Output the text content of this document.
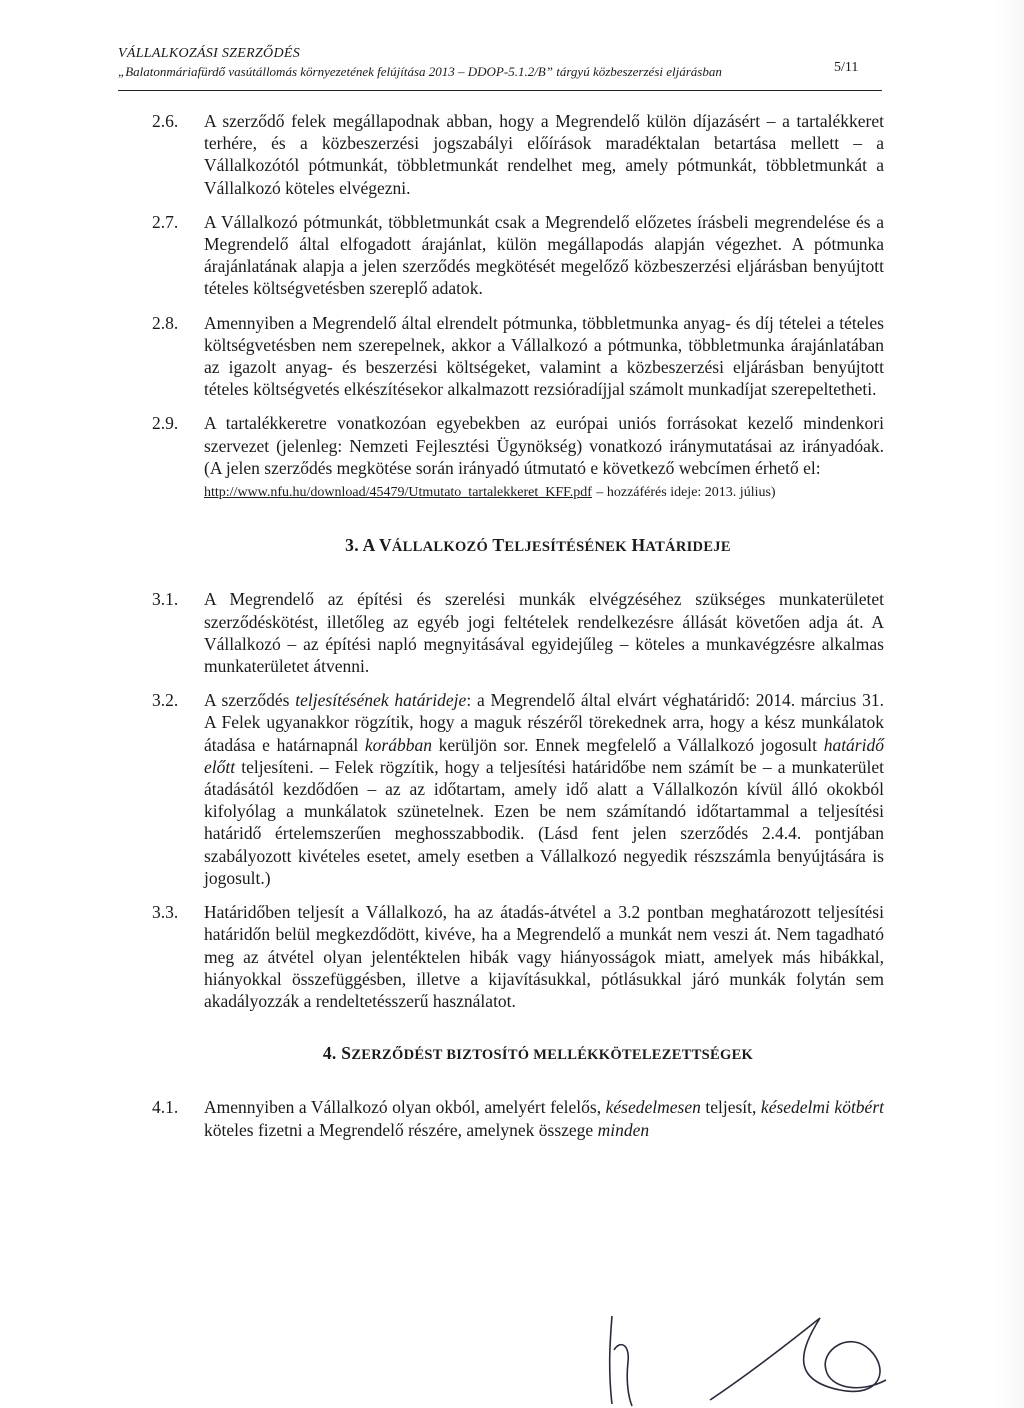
VÁLLALKOZÁSI SZERZŐDÉS
„Balatonmáriafürdő vasútállomás környezetének felújítása 2013 – DDOP-5.1.2/B” tárgyú közbeszerzési eljárásban	5/11
2.6. A szerződő felek megállapodnak abban, hogy a Megrendelő külön díjazásért – a tartalékkeret terhére, és a közbeszerzési jogszabályi előírások maradéktalan betartása mellett – a Vállalkozótól pótmunkát, többletmunkát rendelhet meg, amely pótmunkát, többletmunkát a Vállalkozó köteles elvégezni.
2.7. A Vállalkozó pótmunkát, többletmunkát csak a Megrendelő előzetes írásbeli megrendelése és a Megrendelő által elfogadott árajánlat, külön megállapodás alapján végezhet. A pótmunka árajánlatának alapja a jelen szerződés megkötését megelőző közbeszerzési eljárásban benyújtott tételes költségvetésben szereplő adatok.
2.8. Amennyiben a Megrendelő által elrendelt pótmunka, többletmunka anyag- és díj tételei a tételes költségvetésben nem szerepelnek, akkor a Vállalkozó a pótmunka, többletmunka árajánlatában az igazolt anyag- és beszerzési költségeket, valamint a közbeszerzési eljárásban benyújtott tételes költségvetés elkészítésekor alkalmazott rezsióradíjjal számolt munkadíjat szerepeltetheti.
2.9. A tartalékkeretre vonatkozóan egyebekben az európai uniós forrásokat kezelő mindenkori szervezet (jelenleg: Nemzeti Fejlesztési Ügynökség) vonatkozó iránymutatásai az irányadóak. (A jelen szerződés megkötése során irányadó útmutató e következő webcímen érhető el:
http://www.nfu.hu/download/45479/Utmutato_tartalekkeret_KFF.pdf – hozzáférés ideje: 2013. július)
3. A VÁLLALKOZÓ TELJESÍTÉSÉNEK HATÁRIDEJE
3.1. A Megrendelő az építési és szerelési munkák elvégzéséhez szükséges munkaterületet szerződéskötést, illetőleg az egyéb jogi feltételek rendelkezésre állását követően adja át. A Vállalkozó – az építési napló megnyitásával egyidejűleg – köteles a munkavégzésre alkalmas munkaterületet átvenni.
3.2. A szerződés teljesítésének határideje: a Megrendelő által elvárt véghatáridő: 2014. március 31. A Felek ugyanakkor rögzítik, hogy a maguk részéről törekednek arra, hogy a kész munkálatok átadása e határnapnál korábban kerüljön sor. Ennek megfelelő a Vállalkozó jogosult határidő előtt teljesíteni. – Felek rögzítik, hogy a teljesítési határidőbe nem számít be – a munkaterület átadásától kezdődően – az az időtartam, amely idő alatt a Vállalkozón kívül álló okokból kifolyólag a munkálatok szünetelnek. Ezen be nem számítandó időtartammal a teljesítési határidő értelemszerűen meghosszabbodik. (Lásd fent jelen szerződés 2.4.4. pontjában szabályozott kivételes esetet, amely esetben a Vállalkozó negyedik részszámla benyújtására is jogosult.)
3.3. Határidőben teljesít a Vállalkozó, ha az átadás-átvétel a 3.2 pontban meghatározott teljesítési határidőn belül megkezdődött, kivéve, ha a Megrendelő a munkát nem veszi át. Nem tagadható meg az átvétel olyan jelentéktelen hibák vagy hiányosságok miatt, amelyek más hibákkal, hiányokkal összefüggésben, illetve a kijavításukkal, pótlásukkal járó munkák folytán sem akadályozzák a rendeltetésszerű használatot.
4. SZERZŐDÉST BIZTOSÍTÓ MELLÉKKÖTELEZETTSÉGEK
4.1. Amennyiben a Vállalkozó olyan okból, amelyért felelős, késedelmesen teljesít, késedelmi kötbért köteles fizetni a Megrendelő részére, amelynek összege minden
